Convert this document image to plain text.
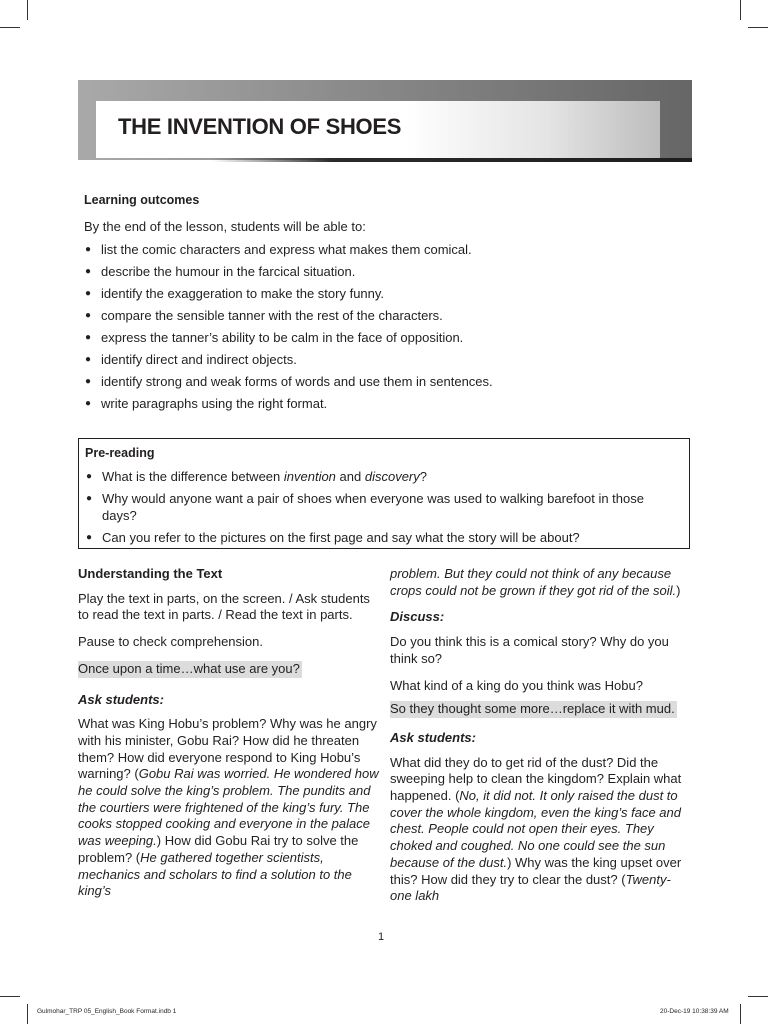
THE INVENTION OF SHOES

Learning outcomes

By the end of the lesson, students will be able to:

● list the comic characters and express what makes them comical.
● describe the humour in the farcical situation.
● identify the exaggeration to make the story funny.
● compare the sensible tanner with the rest of the characters.
● express the tanner’s ability to be calm in the face of opposition.
● identify direct and indirect objects.
● identify strong and weak forms of words and use them in sentences.
● write paragraphs using the right format.

Pre-reading

● What is the difference between invention and discovery?
● Why would anyone want a pair of shoes when everyone was used to walking barefoot in those days?
● Can you refer to the pictures on the first page and say what the story will be about?

Understanding the Text

Play the text in parts, on the screen. / Ask students to read the text in parts. / Read the text in parts.

Pause to check comprehension.

Once upon a time…what use are you?

Ask students:

What was King Hobu’s problem? Why was he angry with his minister, Gobu Rai? How did he threaten them? How did everyone respond to King Hobu’s warning? (Gobu Rai was worried. He wondered how he could solve the king’s problem. The pundits and the courtiers were frightened of the king’s fury. The cooks stopped cooking and everyone in the palace was weeping.) How did Gobu Rai try to solve the problem? (He gathered together scientists, mechanics and scholars to find a solution to the king’s

problem. But they could not think of any because crops could not be grown if they got rid of the soil.)

Discuss:

Do you think this is a comical story? Why do you think so?

What kind of a king do you think was Hobu?

So they thought some more…replace it with mud.

Ask students:

What did they do to get rid of the dust? Did the sweeping help to clean the kingdom? Explain what happened. (No, it did not. It only raised the dust to cover the whole kingdom, even the king’s face and chest. People could not open their eyes. They choked and coughed. No one could see the sun because of the dust.) Why was the king upset over this? How did they try to clear the dust? (Twenty-one lakh

1

Gulmohar_TRP 05_English_Book Format.indb 1	20-Dec-19 10:38:39 AM
